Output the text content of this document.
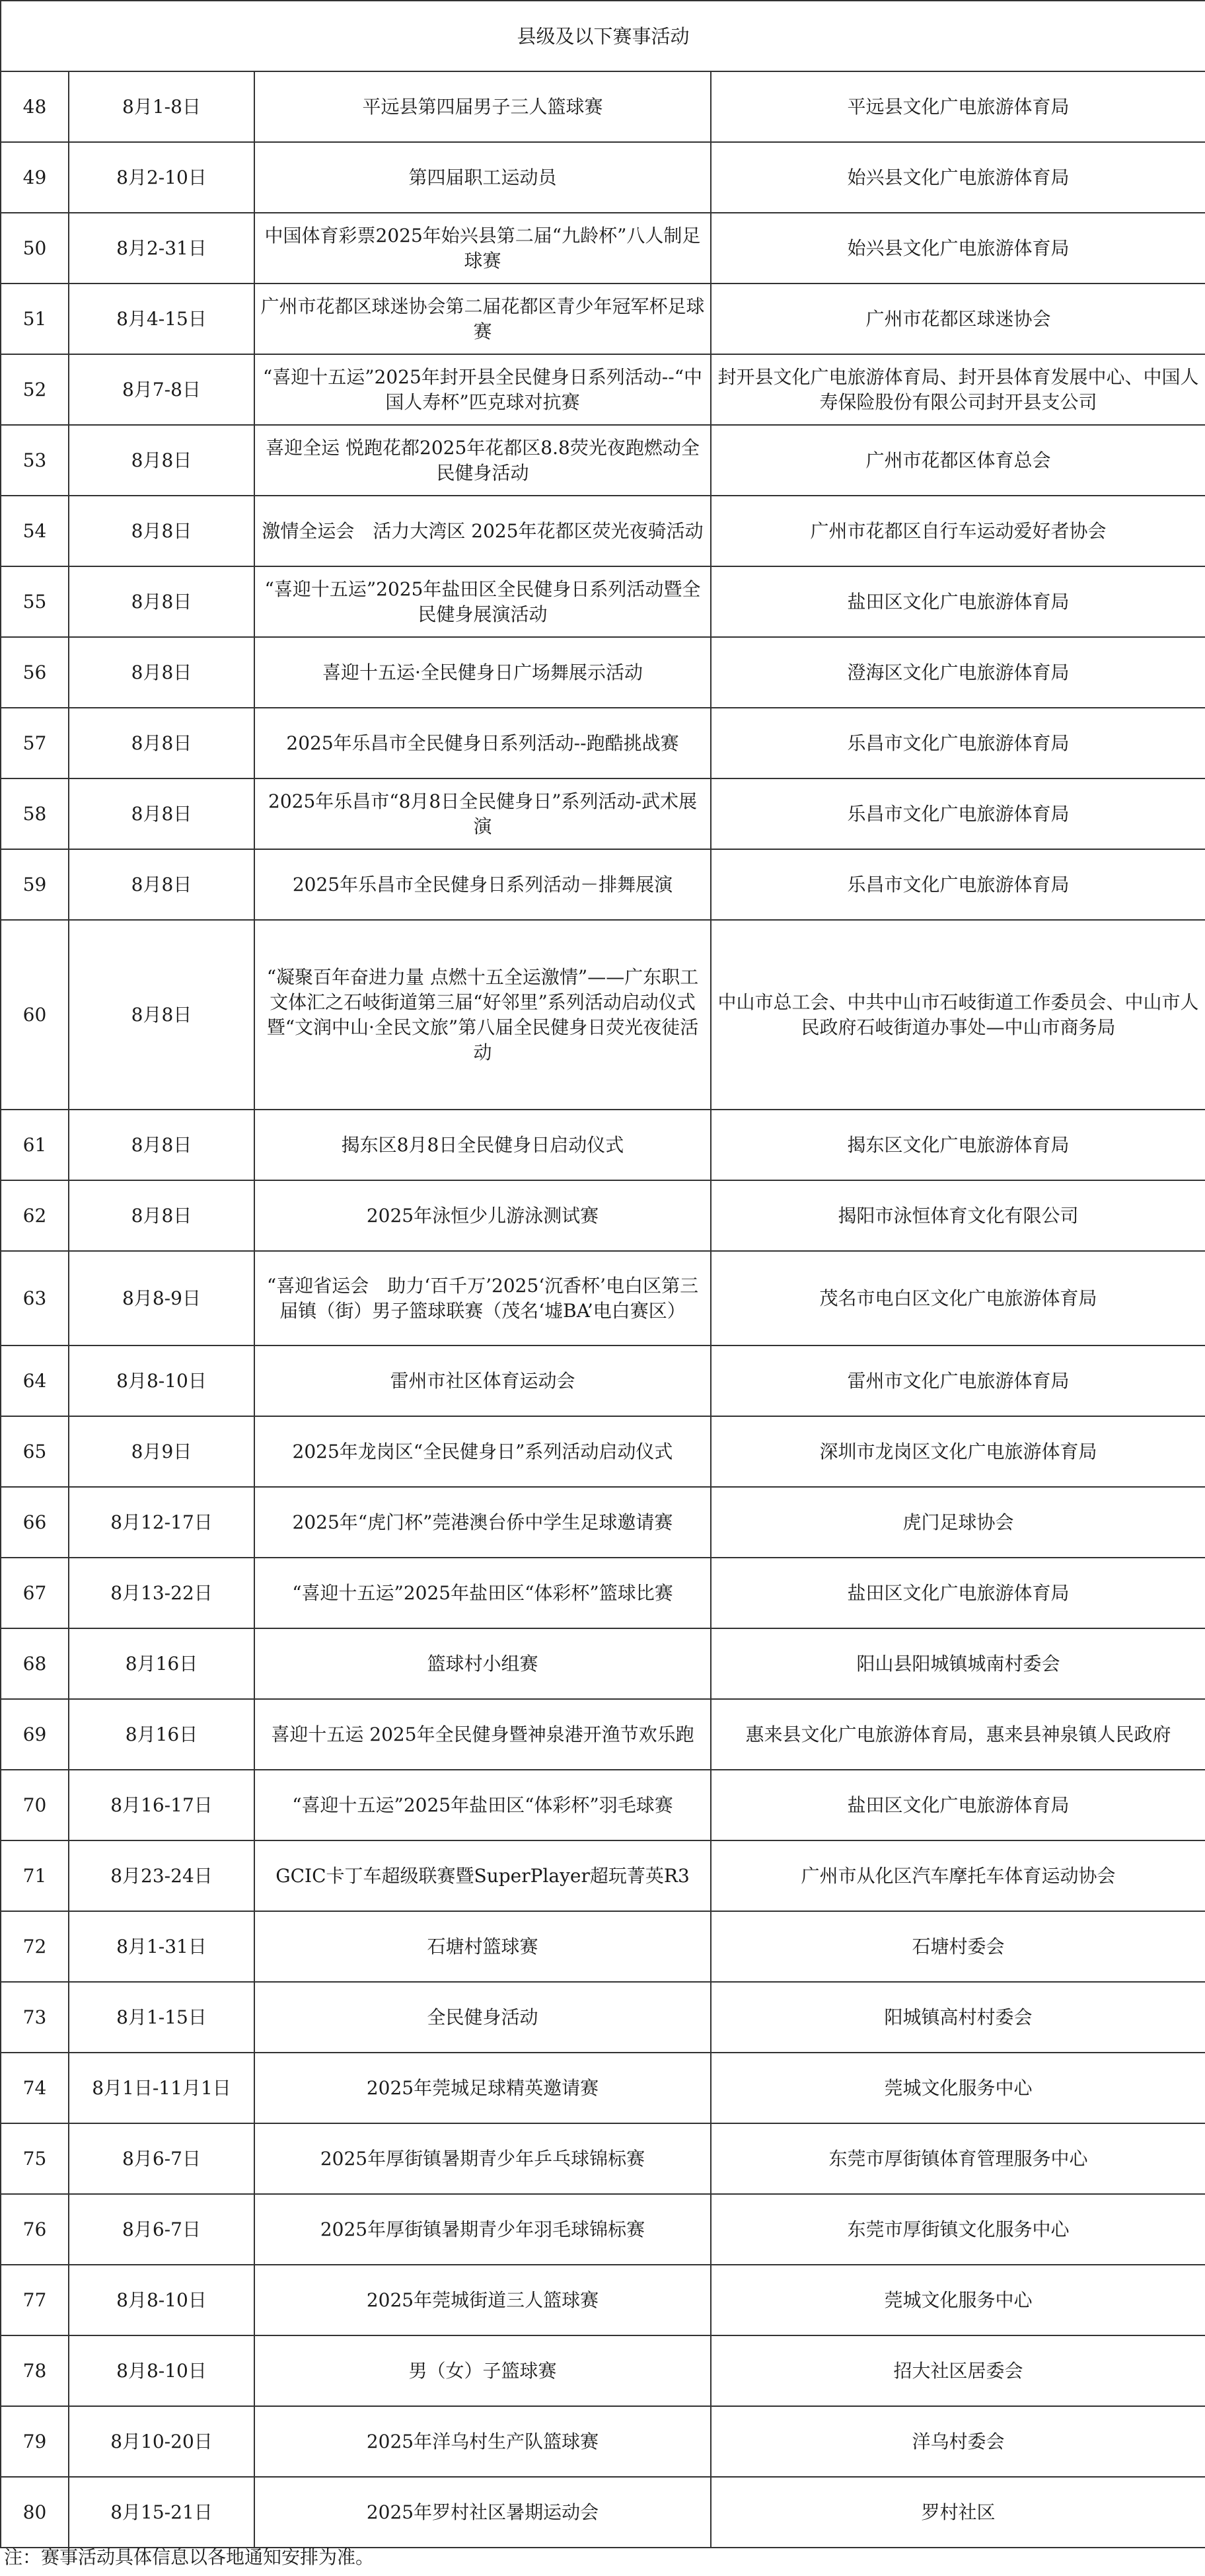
县级及以下赛事活动			
48	8月1-8日	平远县第四届男子三人篮球赛	平远县文化广电旅游体育局
49	8月2-10日	第四届职工运动员	始兴县文化广电旅游体育局
50	8月2-31日	中国体育彩票2025年始兴县第二届“九龄杯”八人制足球赛	始兴县文化广电旅游体育局
51	8月4-15日	广州市花都区球迷协会第二届花都区青少年冠军杯足球赛	广州市花都区球迷协会
52	8月7-8日	“喜迎十五运”2025年封开县全民健身日系列活动--“中国人寿杯”匹克球对抗赛	封开县文化广电旅游体育局、封开县体育发展中心、中国人寿保险股份有限公司封开县支公司
53	8月8日	喜迎全运 悦跑花都2025年花都区8.8荧光夜跑燃动全民健身活动	广州市花都区体育总会
54	8月8日	激情全运会　活力大湾区 2025年花都区荧光夜骑活动	广州市花都区自行车运动爱好者协会
55	8月8日	“喜迎十五运”2025年盐田区全民健身日系列活动暨全民健身展演活动	盐田区文化广电旅游体育局
56	8月8日	喜迎十五运·全民健身日广场舞展示活动	澄海区文化广电旅游体育局
57	8月8日	2025年乐昌市全民健身日系列活动--跑酷挑战赛	乐昌市文化广电旅游体育局
58	8月8日	2025年乐昌市“8月8日全民健身日”系列活动-武术展演	乐昌市文化广电旅游体育局
59	8月8日	2025年乐昌市全民健身日系列活动－排舞展演	乐昌市文化广电旅游体育局
60	8月8日	“凝聚百年奋进力量 点燃十五全运激情”——广东职工文体汇之石岐街道第三届“好邻里”系列活动启动仪式暨“文润中山·全民文旅”第八届全民健身日荧光夜徒活动	中山市总工会、中共中山市石岐街道工作委员会、中山市人民政府石岐街道办事处—中山市商务局
61	8月8日	揭东区8月8日全民健身日启动仪式	揭东区文化广电旅游体育局
62	8月8日	2025年泳恒少儿游泳测试赛	揭阳市泳恒体育文化有限公司
63	8月8-9日	“喜迎省运会　助力‘百千万’2025‘沉香杯’电白区第三届镇（街）男子篮球联赛（茂名‘墟BA’电白赛区）	茂名市电白区文化广电旅游体育局
64	8月8-10日	雷州市社区体育运动会	雷州市文化广电旅游体育局
65	8月9日	2025年龙岗区“全民健身日”系列活动启动仪式	深圳市龙岗区文化广电旅游体育局
66	8月12-17日	2025年“虎门杯”莞港澳台侨中学生足球邀请赛	虎门足球协会
67	8月13-22日	“喜迎十五运”2025年盐田区“体彩杯”篮球比赛	盐田区文化广电旅游体育局
68	8月16日	篮球村小组赛	阳山县阳城镇城南村委会
69	8月16日	喜迎十五运 2025年全民健身暨神泉港开渔节欢乐跑	惠来县文化广电旅游体育局，惠来县神泉镇人民政府
70	8月16-17日	“喜迎十五运”2025年盐田区“体彩杯”羽毛球赛	盐田区文化广电旅游体育局
71	8月23-24日	GCIC卡丁车超级联赛暨SuperPlayer超玩菁英R3	广州市从化区汽车摩托车体育运动协会
72	8月1-31日	石塘村篮球赛	石塘村委会
73	8月1-15日	全民健身活动	阳城镇高村村委会
74	8月1日-11月1日	2025年莞城足球精英邀请赛	莞城文化服务中心
75	8月6-7日	2025年厚街镇暑期青少年乒乓球锦标赛	东莞市厚街镇体育管理服务中心
76	8月6-7日	2025年厚街镇暑期青少年羽毛球锦标赛	东莞市厚街镇文化服务中心
77	8月8-10日	2025年莞城街道三人篮球赛	莞城文化服务中心
78	8月8-10日	男（女）子篮球赛	招大社区居委会
79	8月10-20日	2025年洋乌村生产队篮球赛	洋乌村委会
80	8月15-21日	2025年罗村社区暑期运动会	罗村社区
注：赛事活动具体信息以各地通知安排为准。
